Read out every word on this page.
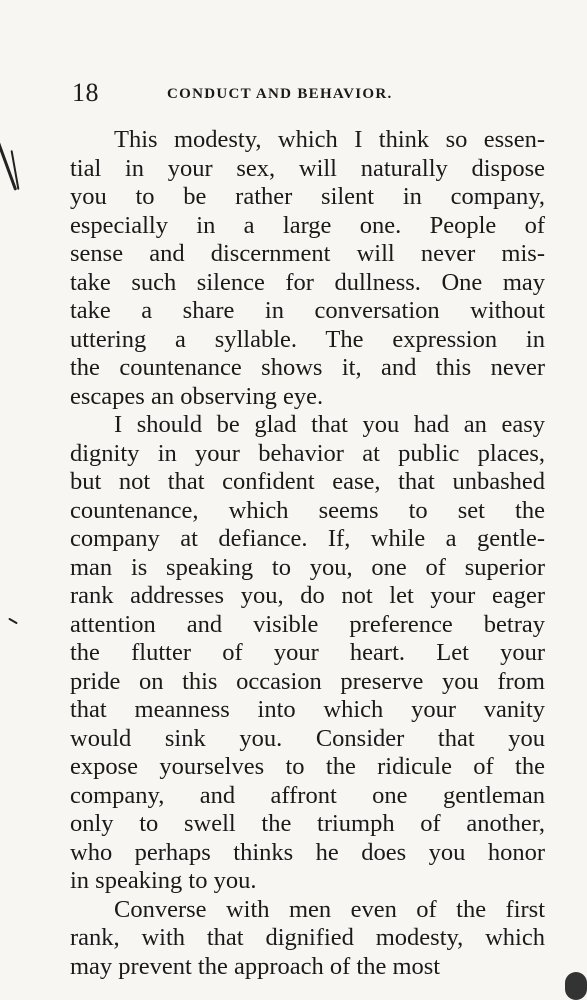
18	CONDUCT AND BEHAVIOR.
This modesty, which I think so essen-
tial in your sex, will naturally dispose
you to be rather silent in company,
especially in a large one. People of
sense and discernment will never mis-
take such silence for dullness. One may
take a share in conversation without
uttering a syllable. The expression in
the countenance shows it, and this never
escapes an observing eye.
I should be glad that you had an easy
dignity in your behavior at public places,
but not that confident ease, that unbashed
countenance, which seems to set the
company at defiance. If, while a gentle-
man is speaking to you, one of superior
rank addresses you, do not let your eager
attention and visible preference betray
the flutter of your heart. Let your
pride on this occasion preserve you from
that meanness into which your vanity
would sink you. Consider that you
expose yourselves to the ridicule of the
company, and affront one gentleman
only to swell the triumph of another,
who perhaps thinks he does you honor
in speaking to you.
Converse with men even of the first
rank, with that dignified modesty, which
may prevent the approach of the most
